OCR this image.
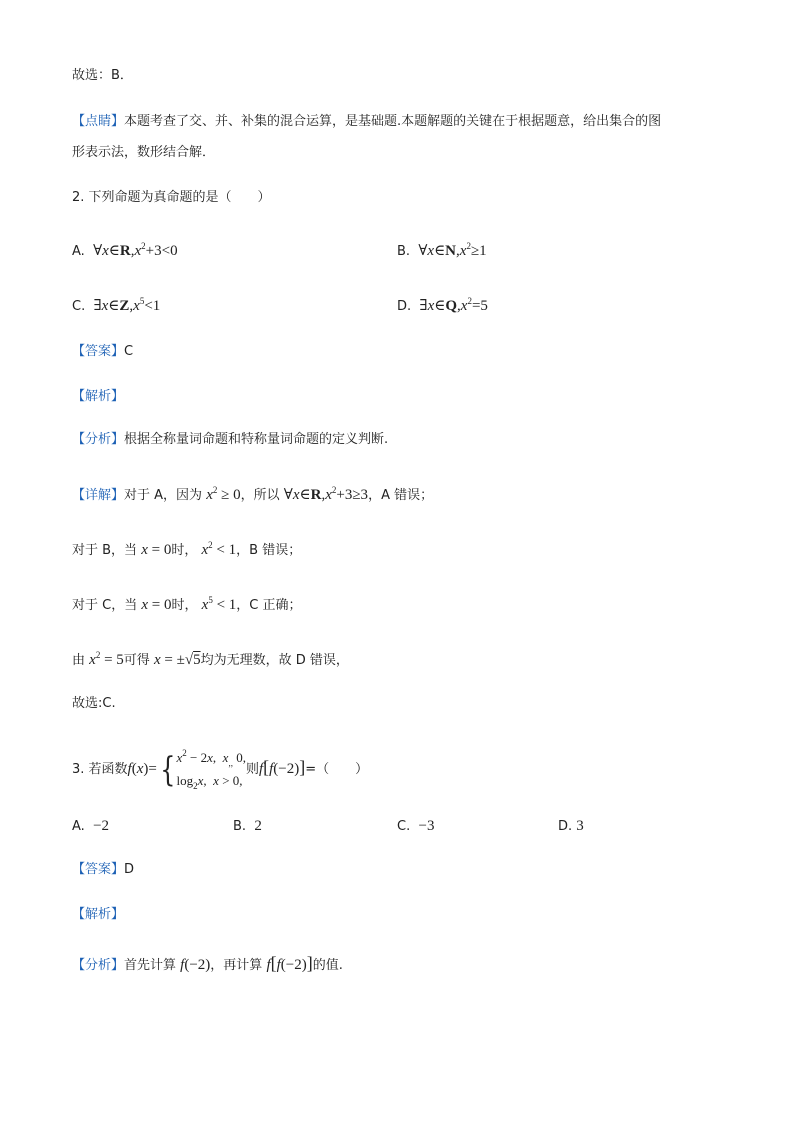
故选：B．
【点睛】本题考查了交、并、补集的混合运算，是基础题.本题解题的关键在于根据题意，给出集合的图
形表示法，数形结合解．
2. 下列命题为真命题的是（　　）
A. $\forall x\in R,x^2+3<0$	B. $\forall x\in N,x^2\ge 1$
C. $\exists x\in Z,x^5<1$	D. $\exists x\in Q,x^2=5$
【答案】C
【解析】
【分析】根据全称量词命题和特称量词命题的定义判断.
【详解】对于 A，因为 $x^2 \ge 0$，所以 $\forall x\in R,x^2+3\ge 3$，A 错误；
对于 B，当 x = 0时， $x^2 < 1$，B 错误；
对于 C，当 x = 0时， $x^5 < 1$，C 正确；
由 $x^2 = 5$可得 x = ±√5均为无理数，故 D 错误，
故选:C.
3. 若函数f(x)={ $x^2 - 2x$,  $x_{,,}$ 0,
$\log_2x$,  x > 0,
则f[f(−2)]=（　　）
A. −2	B. 2	C. −3	D. 3
【答案】D
【解析】
【分析】首先计算 f(−2)，再计算 f[f(−2)]的值.
